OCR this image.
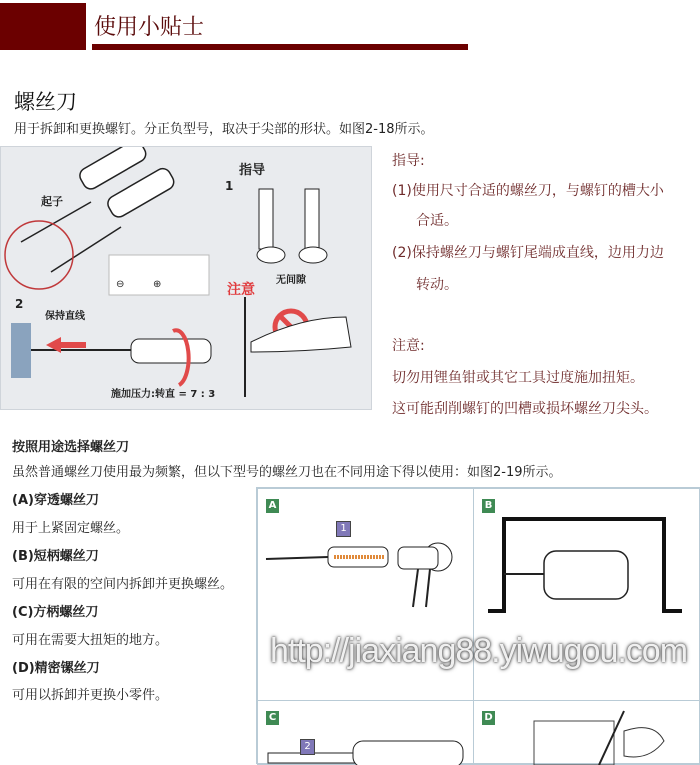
使用小贴士
螺丝刀
用于拆卸和更换螺钉。分正负型号，取决于尖部的形状。如图2-18所示。
起子
指导
1
无间隙
注意
2
保持直线
施加压力:转直 = 7 : 3
⊖	⊕
指导:
(1)使用尺寸合适的螺丝刀，与螺钉的槽大小
合适。
(2)保持螺丝刀与螺钉尾端成直线，边用力边
转动。
注意:
切勿用锂鱼钳或其它工具过度施加扭矩。
这可能刮削螺钉的凹槽或损坏螺丝刀尖头。
按照用途选择螺丝刀
虽然普通螺丝刀使用最为频繁，但以下型号的螺丝刀也在不同用途下得以使用：如图2-19所示。
(A)穿透螺丝刀
用于上紧固定螺丝。
(B)短柄螺丝刀
可用在有限的空间内拆卸并更换螺丝。
(C)方柄螺丝刀
可用在需要大扭矩的地方。
(D)精密镙丝刀
可用以拆卸并更换小零件。
A
1
B
C
2
D
http://jiaxiang88.yiwugou.com
